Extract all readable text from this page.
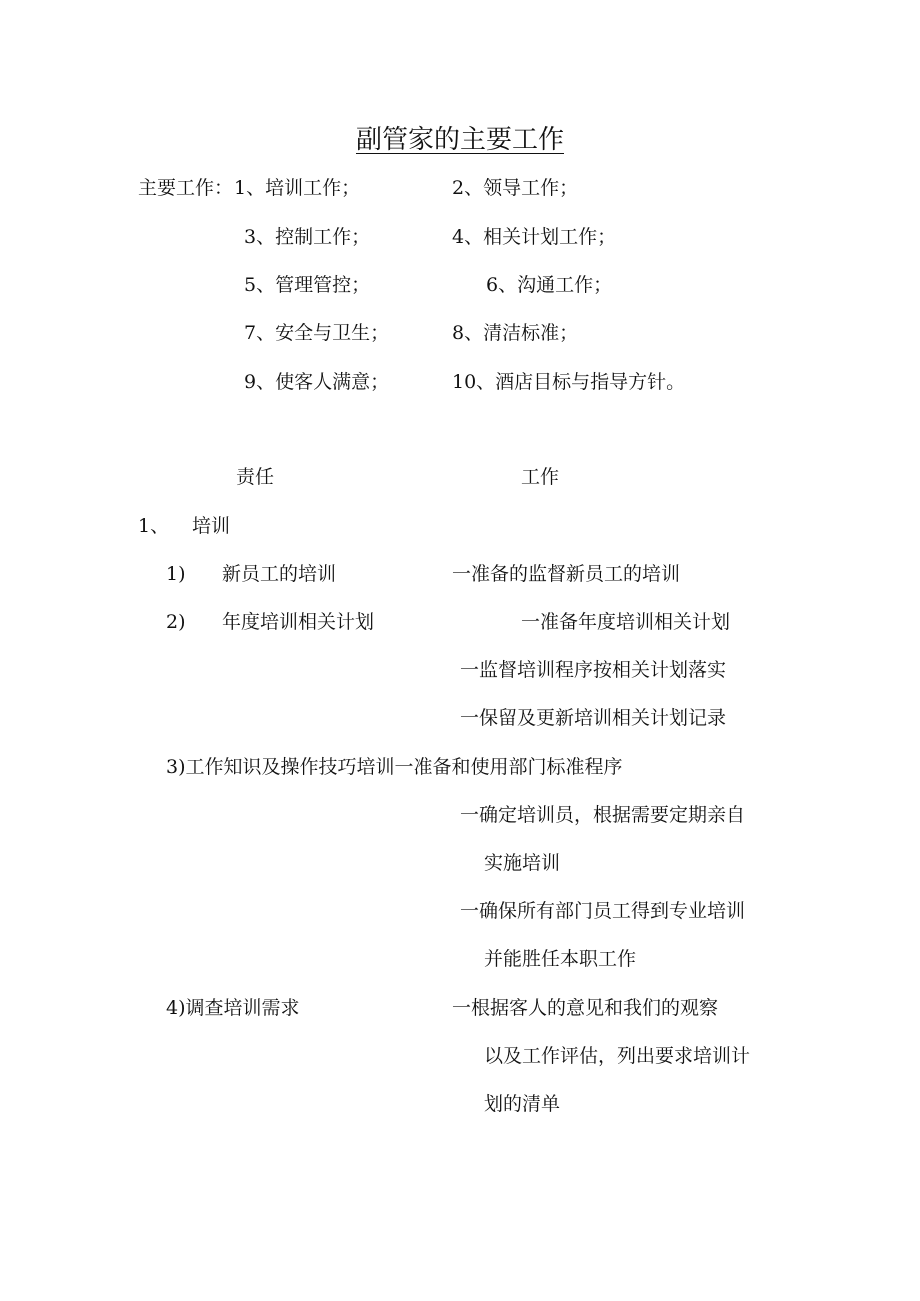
副管家的主要工作
主要工作： 1、培训工作；	2、领导工作；
3、控制工作；	4、相关计划工作；
5、管理管控；	6、沟通工作；
7、安全与卫生；	8、清洁标准；
9、使客人满意；	10、酒店目标与指导方针。
责任	工作
1、 培训
1) 新员工的培训	一准备的监督新员工的培训
2) 年度培训相关计划	一准备年度培训相关计划
一监督培训程序按相关计划落实
一保留及更新培训相关计划记录
3)工作知识及操作技巧培训一准备和使用部门标准程序
一确定培训员，根据需要定期亲自
实施培训
一确保所有部门员工得到专业培训
并能胜任本职工作
4)调查培训需求	一根据客人的意见和我们的观察
以及工作评估，列出要求培训计
划的清单
